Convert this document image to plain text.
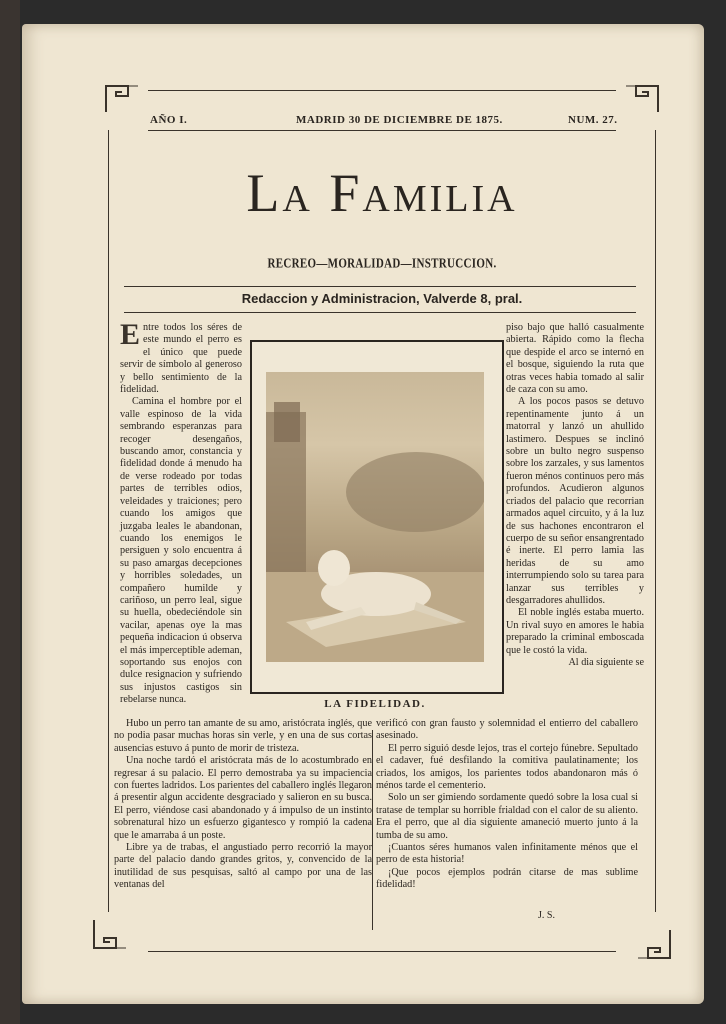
AÑO I.	MADRID 30 DE DICIEMBRE DE 1875.	NUM. 27.
La Familia
RECREO—MORALIDAD—INSTRUCCION.
Redaccion y Administracion, Valverde 8, pral.

Entre todos los séres de este mundo el perro es el único que puede servir de símbolo al generoso y bello sentimiento de la fidelidad.

Camina el hombre por el valle espinoso de la vida sembrando esperanzas para recoger desengaños, buscando amor, constancia y fidelidad donde á menudo ha de verse rodeado por todas partes de terribles odios, veleidades y traiciones; pero cuando los amigos que juzgaba leales le abandonan, cuando los enemigos le persiguen y solo encuentra á su paso amargas decepciones y horribles soledades, un compañero humilde y cariñoso, un perro leal, sigue su huella, obedeciéndole sin vacilar, apenas oye la mas pequeña indicacion ú observa el más imperceptible ademan, soportando sus enojos con dulce resignacion y sufriendo sus injustos castigos sin rebelarse nunca.	LA FIDELIDAD.

piso bajo que halló casualmente abierta. Rápido como la flecha que despide el arco se internó en el bosque, siguiendo la ruta que otras veces habia tomado al salir de caza con su amo.

A los pocos pasos se detuvo repentinamente junto á un matorral y lanzó un ahullido lastimero. Despues se inclinó sobre un bulto negro suspenso sobre los zarzales, y sus lamentos fueron ménos continuos pero más profundos. Acudieron algunos criados del palacio que recorrian armados aquel circuito, y á la luz de sus hachones encontraron el cuerpo de su señor ensangrentado é inerte. El perro lamia las heridas de su amo interrumpiendo solo su tarea para lanzar sus terribles y desgarradores ahullidos.

El noble inglés estaba muerto. Un rival suyo en amores le habia preparado la criminal emboscada que le costó la vida.

Al dia siguiente se

Hubo un perro tan amante de su amo, aristócrata inglés, que no podia pasar muchas horas sin verle, y en una de sus cortas ausencias estuvo á punto de morir de tristeza.

Una noche tardó el aristócrata más de lo acostumbrado en regresar á su palacio. El perro demostraba ya su impaciencia con fuertes ladridos. Los parientes del caballero inglés llegaron á presentir algun accidente desgraciado y salieron en su busca. El perro, viéndose casi abandonado y á impulso de un instinto sobrenatural hizo un esfuerzo gigantesco y rompió la cadena que le amarraba á un poste.

Libre ya de trabas, el angustiado perro recorrió la mayor parte del palacio dando grandes gritos, y, convencido de la inutilidad de sus pesquisas, saltó al campo por una de las ventanas del

verificó con gran fausto y solemnidad el entierro del caballero asesinado.

El perro siguió desde lejos, tras el cortejo fúnebre. Sepultado el cadaver, fué desfilando la comitiva paulatinamente; los criados, los amigos, los parientes todos abandonaron más ó ménos tarde el cementerio.

Solo un ser gimiendo sordamente quedó sobre la losa cual si tratase de templar su horrible frialdad con el calor de su aliento. Era el perro, que al dia siguiente amaneció muerto junto á la tumba de su amo.

¡Cuantos séres humanos valen infinitamente ménos que el perro de esta historia!

¡Que pocos ejemplos podrán citarse de mas sublime fidelidad!

J. S.
